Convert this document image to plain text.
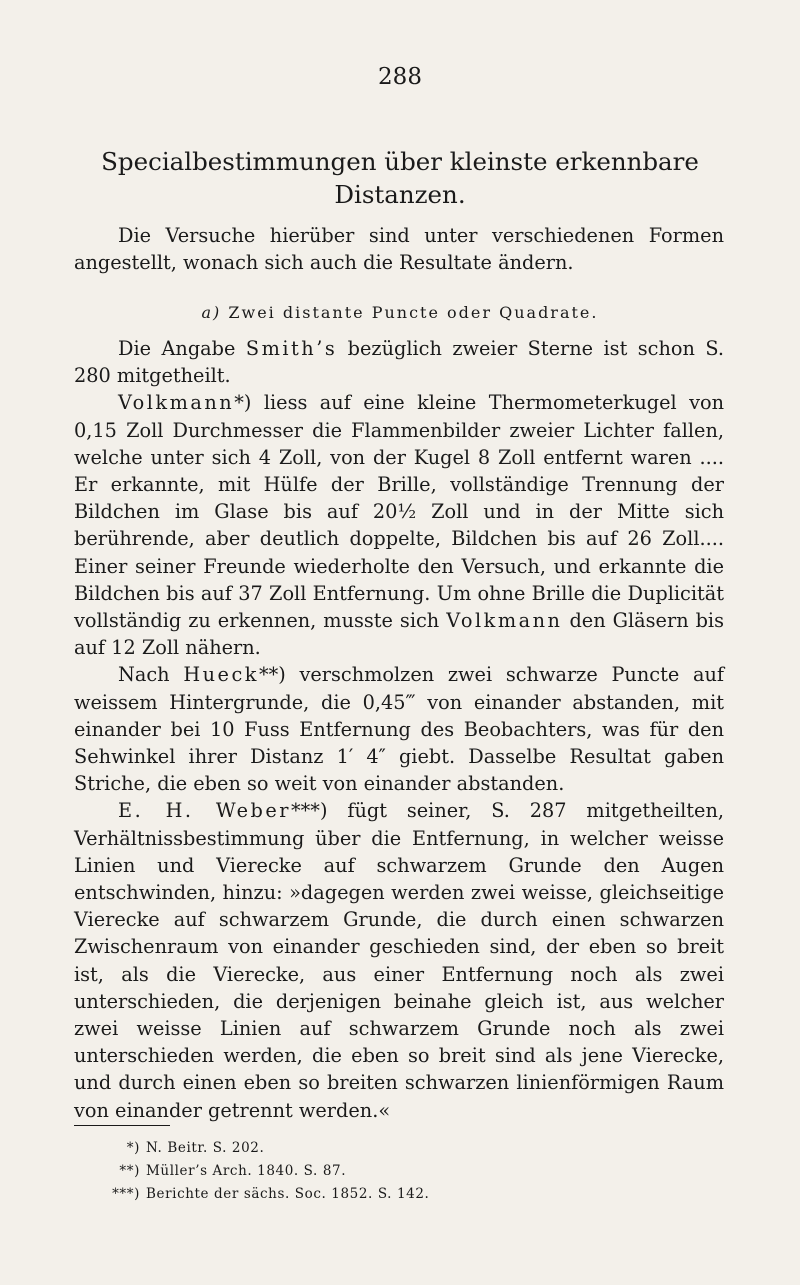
288
Specialbestimmungen über kleinste erkennbare Distanzen.

Die Versuche hierüber sind unter verschiedenen Formen angestellt, wonach sich auch die Resultate ändern.

a) Zwei distante Puncte oder Quadrate.

Die Angabe Smith’s bezüglich zweier Sterne ist schon S. 280 mitgetheilt.

Volkmann*) liess auf eine kleine Thermometerkugel von 0,15 Zoll Durchmesser die Flammenbilder zweier Lichter fallen, welche unter sich 4 Zoll, von der Kugel 8 Zoll entfernt waren .... Er erkannte, mit Hülfe der Brille, vollständige Trennung der Bildchen im Glase bis auf 20½ Zoll und in der Mitte sich berührende, aber deutlich doppelte, Bildchen bis auf 26 Zoll.... Einer seiner Freunde wiederholte den Versuch, und erkannte die Bildchen bis auf 37 Zoll Entfernung. Um ohne Brille die Duplicität vollständig zu erkennen, musste sich Volkmann den Gläsern bis auf 12 Zoll nähern.

Nach Hueck**) verschmolzen zwei schwarze Puncte auf weissem Hintergrunde, die 0,45‴ von einander abstanden, mit einander bei 10 Fuss Entfernung des Beobachters, was für den Sehwinkel ihrer Distanz 1′ 4″ giebt. Dasselbe Resultat gaben Striche, die eben so weit von einander abstanden.

E. H. Weber***) fügt seiner, S. 287 mitgetheilten, Verhältnissbestimmung über die Entfernung, in welcher weisse Linien und Vierecke auf schwarzem Grunde den Augen entschwinden, hinzu: »dagegen werden zwei weisse, gleichseitige Vierecke auf schwarzem Grunde, die durch einen schwarzen Zwischenraum von einander geschieden sind, der eben so breit ist, als die Vierecke, aus einer Entfernung noch als zwei unterschieden, die derjenigen beinahe gleich ist, aus welcher zwei weisse Linien auf schwarzem Grunde noch als zwei unterschieden werden, die eben so breit sind als jene Vierecke, und durch einen eben so breiten schwarzen linienförmigen Raum von einander getrennt werden.«

*) N. Beitr. S. 202.
**) Müller’s Arch. 1840. S. 87.
***) Berichte der sächs. Soc. 1852. S. 142.
